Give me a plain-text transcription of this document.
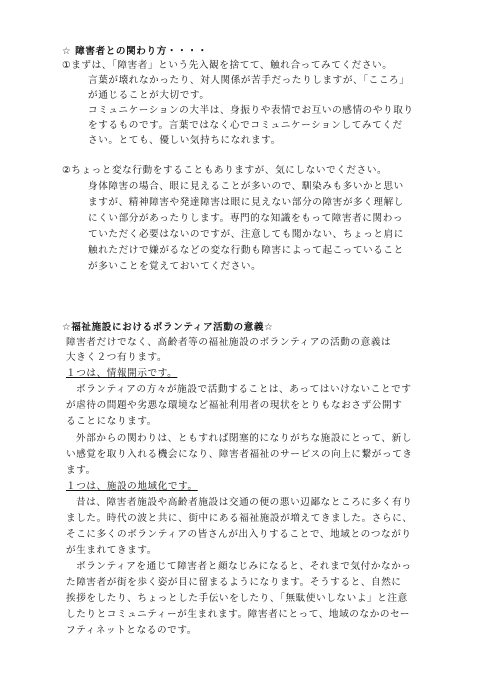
☆ 障害者との関わり方・・・・
①まずは、「障害者」という先入観を捨てて、触れ合ってみてください。
言葉が壊れなかったり、対人関係が苦手だったりしますが、「こころ」
が通じることが大切です。
コミュニケーションの大半は、身振りや表情でお互いの感情のやり取り
をするものです。言葉ではなく心でコミュニケーションしてみてくだ
さい。とても、優しい気持ちになれます。
②ちょっと変な行動をすることもありますが、気にしないでください。
身体障害の場合、眼に見えることが多いので、馴染みも多いかと思い
ますが、精神障害や発達障害は眼に見えない部分の障害が多く理解し
にくい部分があったりします。専門的な知識をもって障害者に関わっ
ていただく必要はないのですが、注意しても聞かない、ちょっと肩に
触れただけで嫌がるなどの変な行動も障害によって起こっていること
が多いことを覚えておいてください。
☆福祉施設におけるボランティア活動の意義☆
障害者だけでなく、高齢者等の福祉施設のボランティアの活動の意義は
大きく２つ有ります。
１つは、情報開示です。
ボランティアの方々が施設で活動することは、あってはいけないことです
が虐待の問題や劣悪な環境など福祉利用者の現状をとりもなおさず公開す
ることになります。
外部からの関わりは、ともすれば閉塞的になりがちな施設にとって、新し
い感覚を取り入れる機会になり、障害者福祉のサービスの向上に繋がってき
ます。
１つは、施設の地域化です。
昔は、障害者施設や高齢者施設は交通の便の悪い辺鄙なところに多く有り
ました。時代の波と共に、街中にある福祉施設が増えてきました。さらに、
そこに多くのボランティアの皆さんが出入りすることで、地域とのつながり
が生まれてきます。
ボランティアを通じて障害者と顔なじみになると、それまで気付かなかっ
た障害者が街を歩く姿が目に留まるようになります。そうすると、自然に
挨拶をしたり、ちょっとした手伝いをしたり、「無駄使いしないよ」と注意
したりとコミュニティーが生まれます。障害者にとって、地域のなかのセー
フティネットとなるのです。
